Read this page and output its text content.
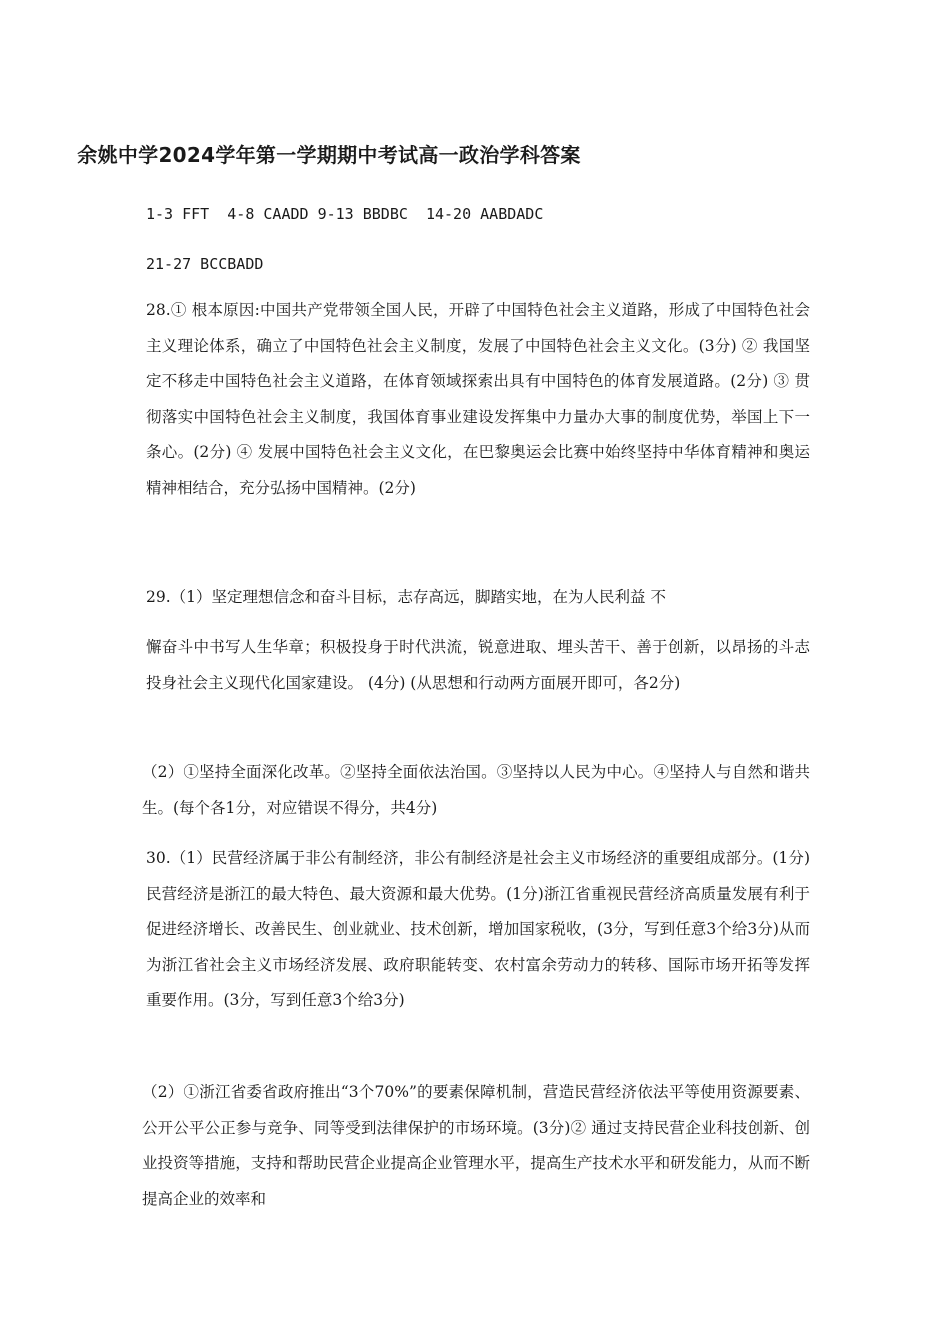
余姚中学2024学年第一学期期中考试高一政治学科答案

1-3 FFT  4-8 CAADD 9-13 BBDBC  14-20 AABDADC

21-27 BCCBADD

28.① 根本原因:中国共产党带领全国人民，开辟了中国特色社会主义道路，形成了中国特色社会主义理论体系，确立了中国特色社会主义制度，发展了中国特色社会主义文化。(3分) ② 我国坚定不移走中国特色社会主义道路，在体育领域探索出具有中国特色的体育发展道路。(2分) ③ 贯彻落实中国特色社会主义制度，我国体育事业建设发挥集中力量办大事的制度优势，举国上下一条心。(2分) ④ 发展中国特色社会主义文化，在巴黎奥运会比赛中始终坚持中华体育精神和奥运精神相结合，充分弘扬中国精神。(2分)

29.（1）坚定理想信念和奋斗目标，志存高远，脚踏实地，在为人民利益 不

懈奋斗中书写人生华章；积极投身于时代洪流，锐意进取、埋头苦干、善于创新，以昂扬的斗志投身社会主义现代化国家建设。 (4分) (从思想和行动两方面展开即可，各2分)

（2）①坚持全面深化改革。②坚持全面依法治国。③坚持以人民为中心。④坚持人与自然和谐共生。(每个各1分，对应错误不得分，共4分)

30.（1）民营经济属于非公有制经济，非公有制经济是社会主义市场经济的重要组成部分。(1分)民营经济是浙江的最大特色、最大资源和最大优势。(1分)浙江省重视民营经济高质量发展有利于促进经济增长、改善民生、创业就业、技术创新，增加国家税收，(3分，写到任意3个给3分)从而为浙江省社会主义市场经济发展、政府职能转变、农村富余劳动力的转移、国际市场开拓等发挥重要作用。(3分，写到任意3个给3分)

（2）①浙江省委省政府推出“3个70%”的要素保障机制，营造民营经济依法平等使用资源要素、公开公平公正参与竞争、同等受到法律保护的市场环境。(3分)② 通过支持民营企业科技创新、创业投资等措施，支持和帮助民营企业提高企业管理水平，提高生产技术水平和研发能力，从而不断提高企业的效率和
